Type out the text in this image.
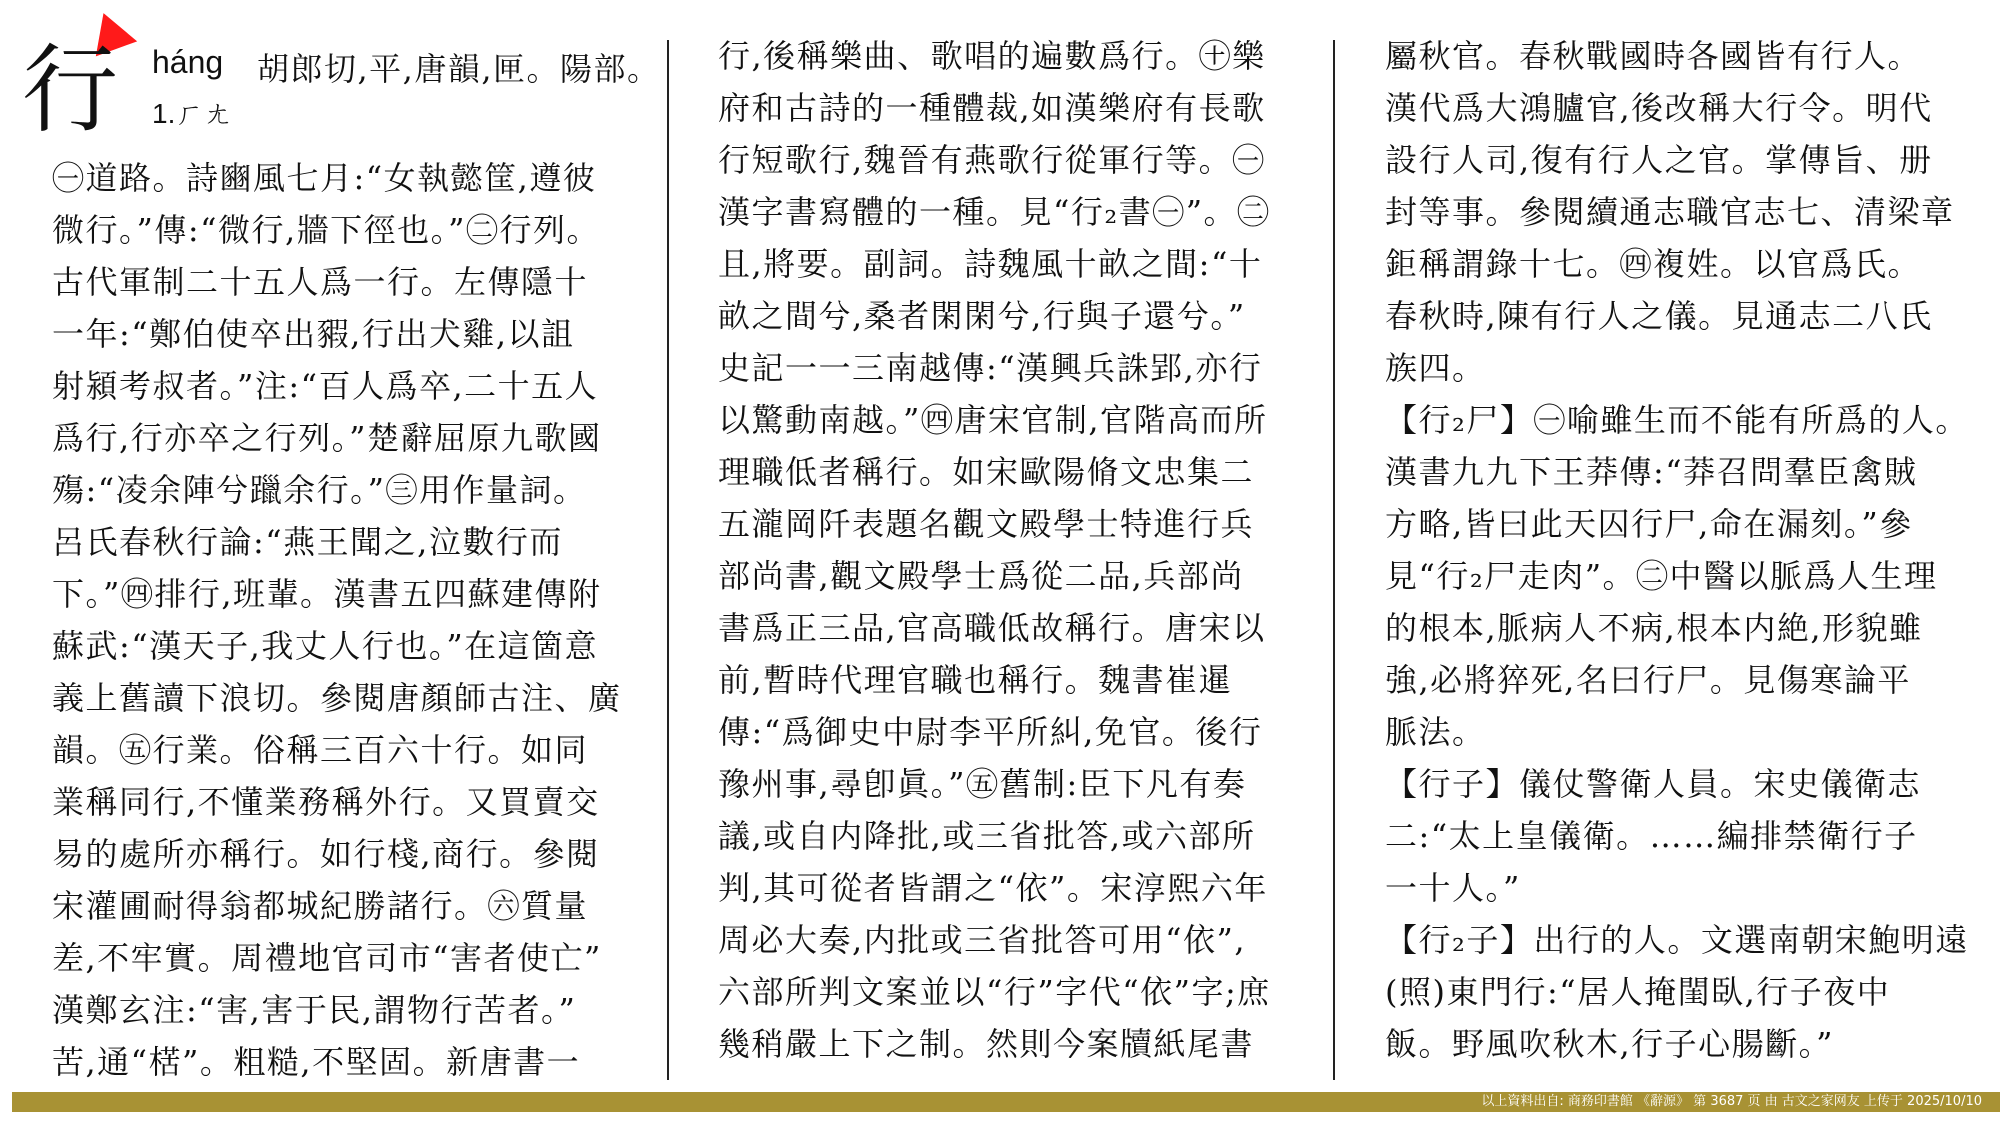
行 háng 胡郎切,平,唐韻,匣。陽部。
1.ㄏㄤ
㊀道路。詩豳風七月:“女執懿筐,遵彼
微行。”傳:“微行,牆下徑也。”㊁行列。
古代軍制二十五人爲一行。左傳隱十
一年:“鄭伯使卒出豭,行出犬雞,以詛
射潁考叔者。”注:“百人爲卒,二十五人
爲行,行亦卒之行列。”楚辭屈原九歌國
殤:“凌余陣兮躐余行。”㊂用作量詞。
呂氏春秋行論:“燕王聞之,泣數行而
下。”㊃排行,班輩。漢書五四蘇建傳附
蘇武:“漢天子,我丈人行也。”在這箇意
義上舊讀下浪切。參閱唐顏師古注、廣
韻。㊄行業。俗稱三百六十行。如同
業稱同行,不懂業務稱外行。又買賣交
易的處所亦稱行。如行棧,商行。參閱
宋灌圃耐得翁都城紀勝諸行。㊅質量
差,不牢實。周禮地官司市“害者使亡”
漢鄭玄注:“害,害于民,謂物行苦者。”
苦,通“楛”。粗糙,不堅固。新唐書一
行,後稱樂曲、歌唱的遍數爲行。㊉樂
府和古詩的一種體裁,如漢樂府有長歌
行短歌行,魏晉有燕歌行從軍行等。㊀
漢字書寫體的一種。見“行₂書㊀”。㊁
且,將要。副詞。詩魏風十畝之間:“十
畝之間兮,桑者閑閑兮,行與子還兮。”
史記一一三南越傳:“漢興兵誅郢,亦行
以驚動南越。”㊃唐宋官制,官階高而所
理職低者稱行。如宋歐陽脩文忠集二
五瀧岡阡表題名觀文殿學士特進行兵
部尚書,觀文殿學士爲從二品,兵部尚
書爲正三品,官高職低故稱行。唐宋以
前,暫時代理官職也稱行。魏書崔暹
傳:“爲御史中尉李平所糾,免官。後行
豫州事,尋卽眞。”㊄舊制:臣下凡有奏
議,或自内降批,或三省批答,或六部所
判,其可從者皆謂之“依”。宋淳熙六年
周必大奏,内批或三省批答可用“依”,
六部所判文案並以“行”字代“依”字;庶
幾稍嚴上下之制。然則今案牘紙尾書
屬秋官。春秋戰國時各國皆有行人。
漢代爲大鴻臚官,後改稱大行令。明代
設行人司,復有行人之官。掌傳旨、册
封等事。參閱續通志職官志七、清梁章
鉅稱謂錄十七。㊃複姓。以官爲氏。
春秋時,陳有行人之儀。見通志二八氏
族四。
【行₂尸】㊀喻雖生而不能有所爲的人。
漢書九九下王莽傳:“莽召問羣臣禽賊
方略,皆曰此天囚行尸,命在漏刻。”參
見“行₂尸走肉”。㊁中醫以脈爲人生理
的根本,脈病人不病,根本内絶,形貌雖
強,必將猝死,名曰行尸。見傷寒論平
脈法。
【行子】儀仗警衛人員。宋史儀衛志
二:“太上皇儀衛。……編排禁衛行子
一十人。”
【行₂子】出行的人。文選南朝宋鮑明遠
(照)東門行:“居人掩閨臥,行子夜中
飯。野風吹秋木,行子心腸斷。”
以上資料出自: 商務印書館 《辭源》 第 3687 页 由 古文之家网友 上传于 2025/10/10
